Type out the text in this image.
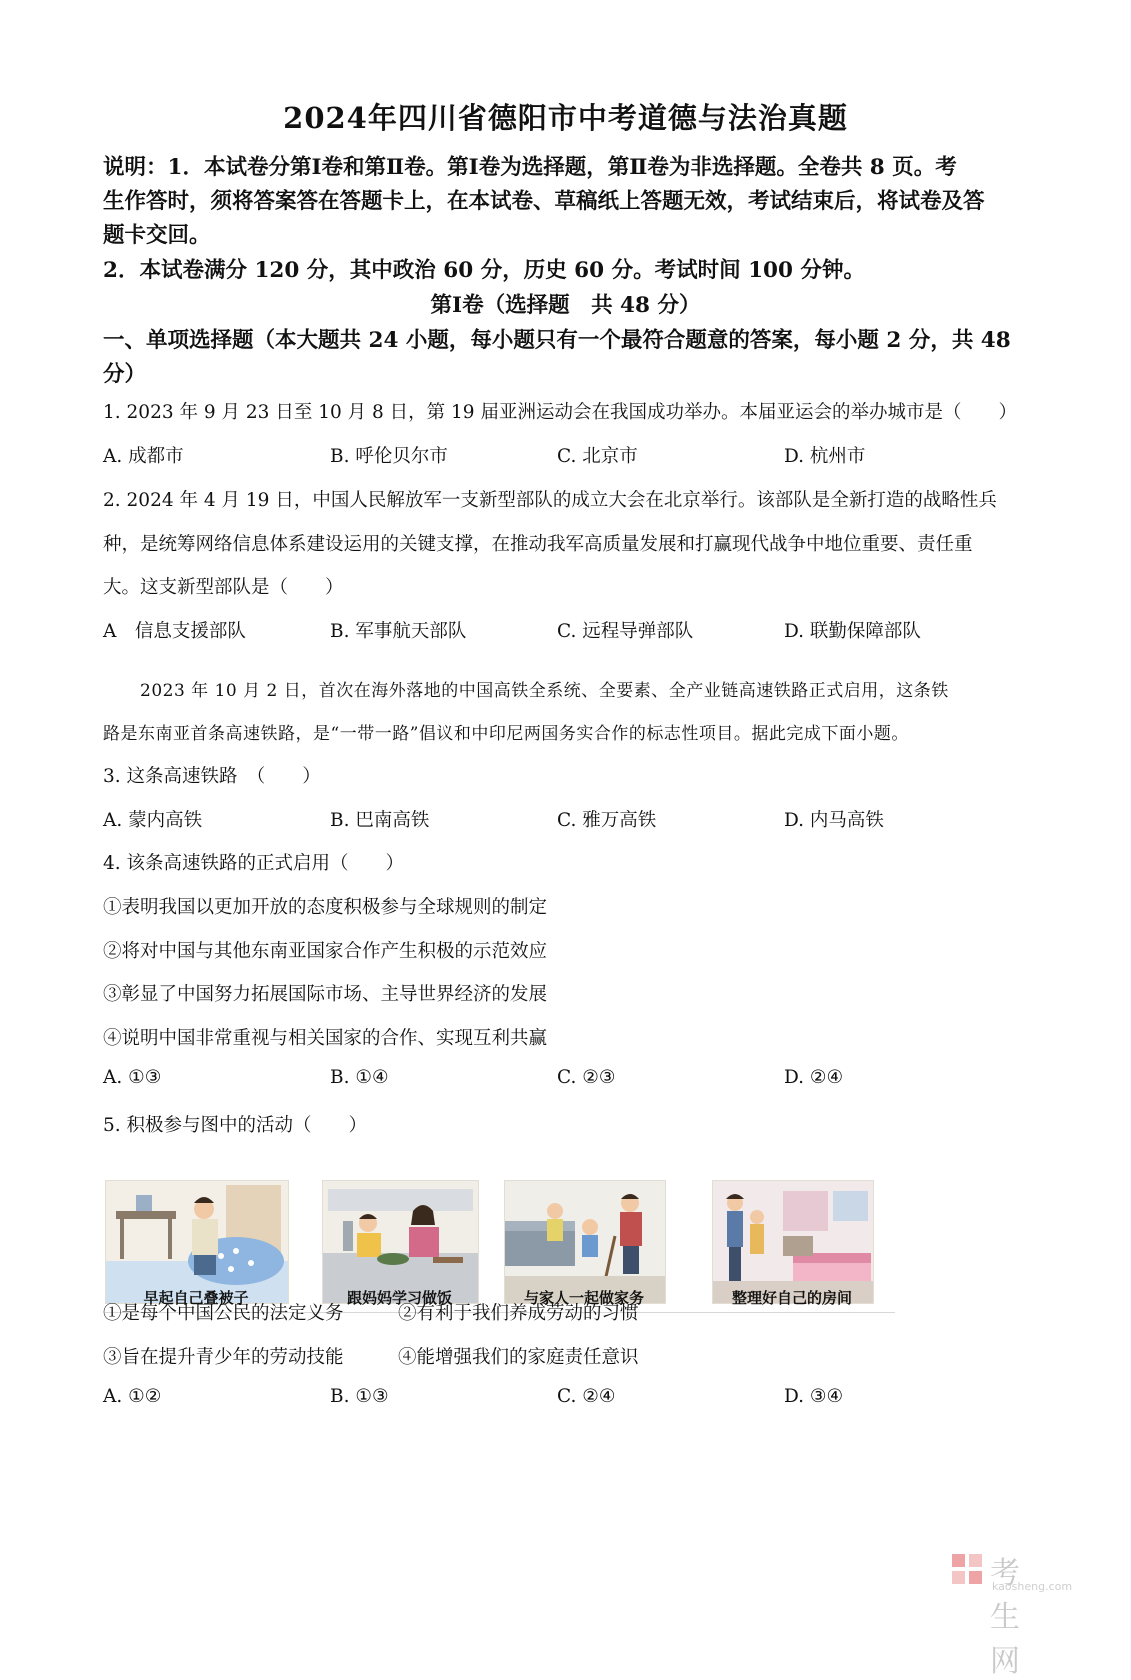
2024年四川省德阳市中考道德与法治真题
说明：1．本试卷分第Ⅰ卷和第Ⅱ卷。第Ⅰ卷为选择题，第Ⅱ卷为非选择题。全卷共 8 页。考
生作答时，须将答案答在答题卡上，在本试卷、草稿纸上答题无效，考试结束后，将试卷及答
题卡交回。
2．本试卷满分 120 分，其中政治 60 分，历史 60 分。考试时间 100 分钟。
第Ⅰ卷（选择题　共 48 分）
一、单项选择题（本大题共 24 小题，每小题只有一个最符合题意的答案，每小题 2 分，共 48
分）
1. 2023 年 9 月 23 日至 10 月 8 日，第 19 届亚洲运动会在我国成功举办。本届亚运会的举办城市是（　　）
A. 成都市	B. 呼伦贝尔市	C. 北京市	D. 杭州市
2. 2024 年 4 月 19 日，中国人民解放军一支新型部队的成立大会在北京举行。该部队是全新打造的战略性兵
种，是统筹网络信息体系建设运用的关键支撑，在推动我军高质量发展和打赢现代战争中地位重要、责任重
大。这支新型部队是（　　）
A　信息支援部队	B. 军事航天部队	C. 远程导弹部队	D. 联勤保障部队
2023 年 10 月 2 日，首次在海外落地的中国高铁全系统、全要素、全产业链高速铁路正式启用，这条铁
路是东南亚首条高速铁路，是“一带一路”倡议和中印尼两国务实合作的标志性项目。据此完成下面小题。
3. 这条高速铁路　（　　）
A. 蒙内高铁	B. 巴南高铁	C. 雅万高铁	D. 内马高铁
4. 该条高速铁路的正式启用（　　）
①表明我国以更加开放的态度积极参与全球规则的制定
②将对中国与其他东南亚国家合作产生积极的示范效应
③彰显了中国努力拓展国际市场、主导世界经济的发展
④说明中国非常重视与相关国家的合作、实现互利共赢
A. ①③	B. ①④	C. ②③	D. ②④
5. 积极参与图中的活动（　　）
早起自己叠被子	跟妈妈学习做饭	与家人一起做家务	整理好自己的房间
①是每个中国公民的法定义务	②有利于我们养成劳动的习惯
③旨在提升青少年的劳动技能	④能增强我们的家庭责任意识
A. ①②	B. ①③	C. ②④	D. ③④
考生网
kaosheng.com
